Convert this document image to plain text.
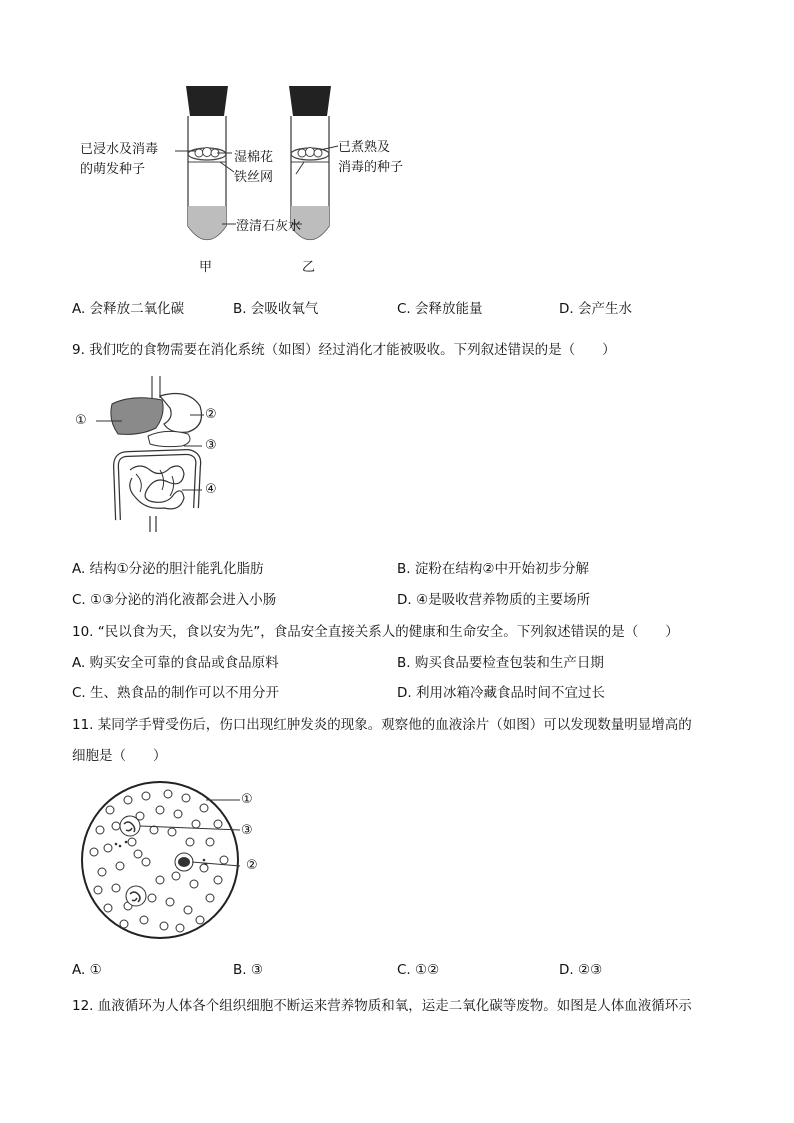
已浸水及消毒
的萌发种子
湿棉花
铁丝网
已煮熟及
消毒的种子
澄清石灰水
甲	乙
A. 会释放二氧化碳	B. 会吸收氧气	C. 会释放能量	D. 会产生水
9. 我们吃的食物需要在消化系统（如图）经过消化才能被吸收。下列叙述错误的是（　　）
①	②
③
④
A. 结构①分泌的胆汁能乳化脂肪	B. 淀粉在结构②中开始初步分解
C. ①③分泌的消化液都会进入小肠	D. ④是吸收营养物质的主要场所
10. “民以食为天，食以安为先”，食品安全直接关系人的健康和生命安全。下列叙述错误的是（　　）
A. 购买安全可靠的食品或食品原料	B. 购买食品要检查包装和生产日期
C. 生、熟食品的制作可以不用分开	D. 利用冰箱冷藏食品时间不宜过长
11. 某同学手臂受伤后，伤口出现红肿发炎的现象。观察他的血液涂片（如图）可以发现数量明显增高的
细胞是（　　）
①
③
②
A. ①	B. ③	C. ①②	D. ②③
12. 血液循环为人体各个组织细胞不断运来营养物质和氧，运走二氧化碳等废物。如图是人体血液循环示
